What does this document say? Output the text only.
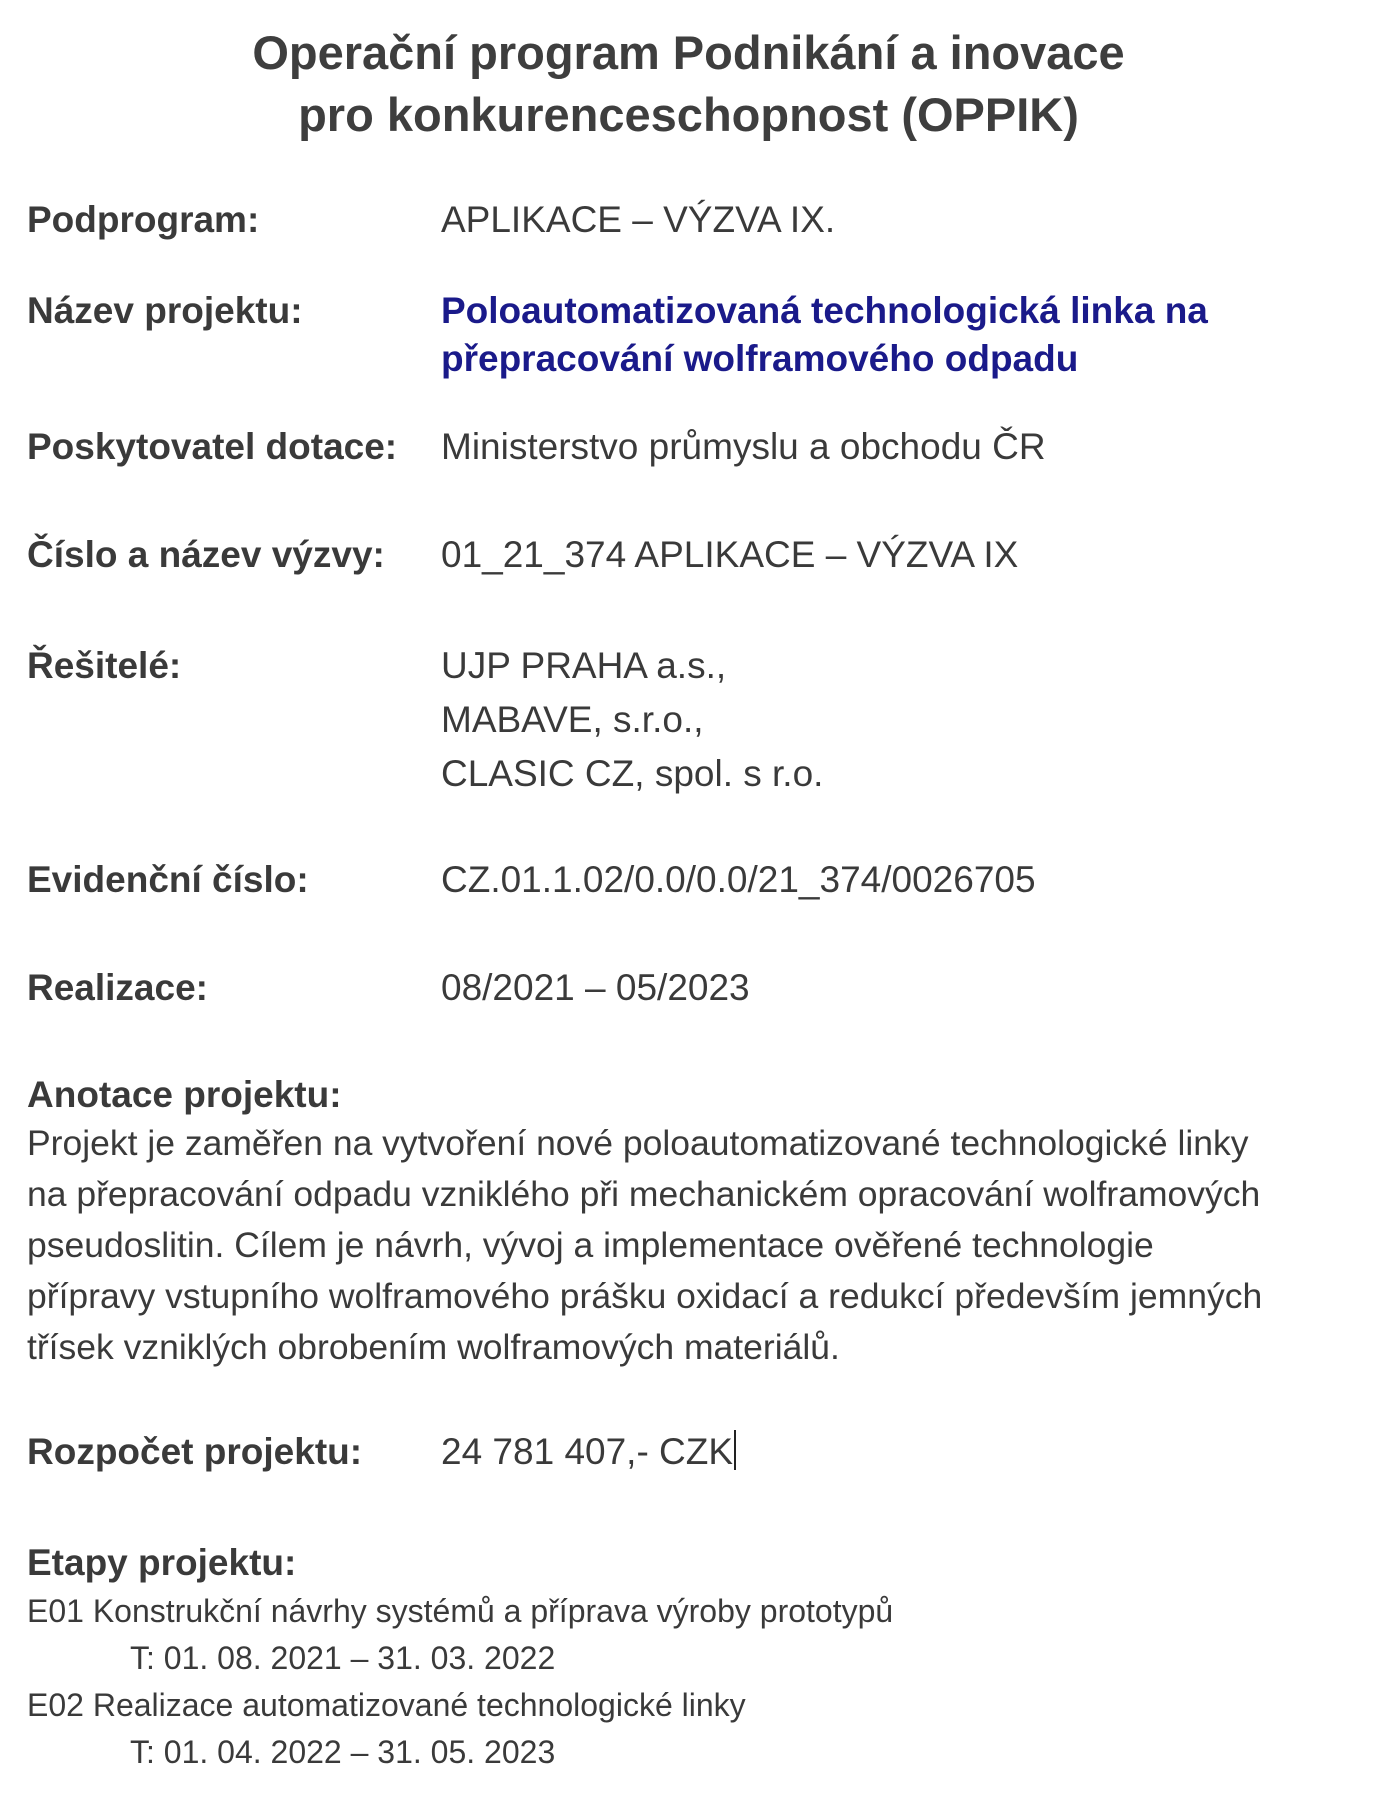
Operační program Podnikání a inovace
pro konkurenceschopnost (OPPIK)
Podprogram:	APLIKACE – VÝZVA IX.
Název projektu:	Poloautomatizovaná technologická linka na
přepracování wolframového odpadu
Poskytovatel dotace: Ministerstvo průmyslu a obchodu ČR
Číslo a název výzvy: 01_21_374 APLIKACE – VÝZVA IX
Řešitelé:	UJP PRAHA a.s.,
MABAVE, s.r.o.,
CLASIC CZ, spol. s r.o.
Evidenční číslo:	CZ.01.1.02/0.0/0.0/21_374/0026705
Realizace:	08/2021 – 05/2023
Anotace projektu:
Projekt je zaměřen na vytvoření nové poloautomatizované technologické linky
na přepracování odpadu vzniklého při mechanickém opracování wolframových
pseudoslitin. Cílem je návrh, vývoj a implementace ověřené technologie
přípravy vstupního wolframového prášku oxidací a redukcí především jemných
třísek vzniklých obrobením wolframových materiálů.
Rozpočet projektu: 24 781 407,- CZK
Etapy projektu:
E01 Konstrukční návrhy systémů a příprava výroby prototypů
T: 01. 08. 2021 – 31. 03. 2022
E02 Realizace automatizované technologické linky
T: 01. 04. 2022 – 31. 05. 2023
